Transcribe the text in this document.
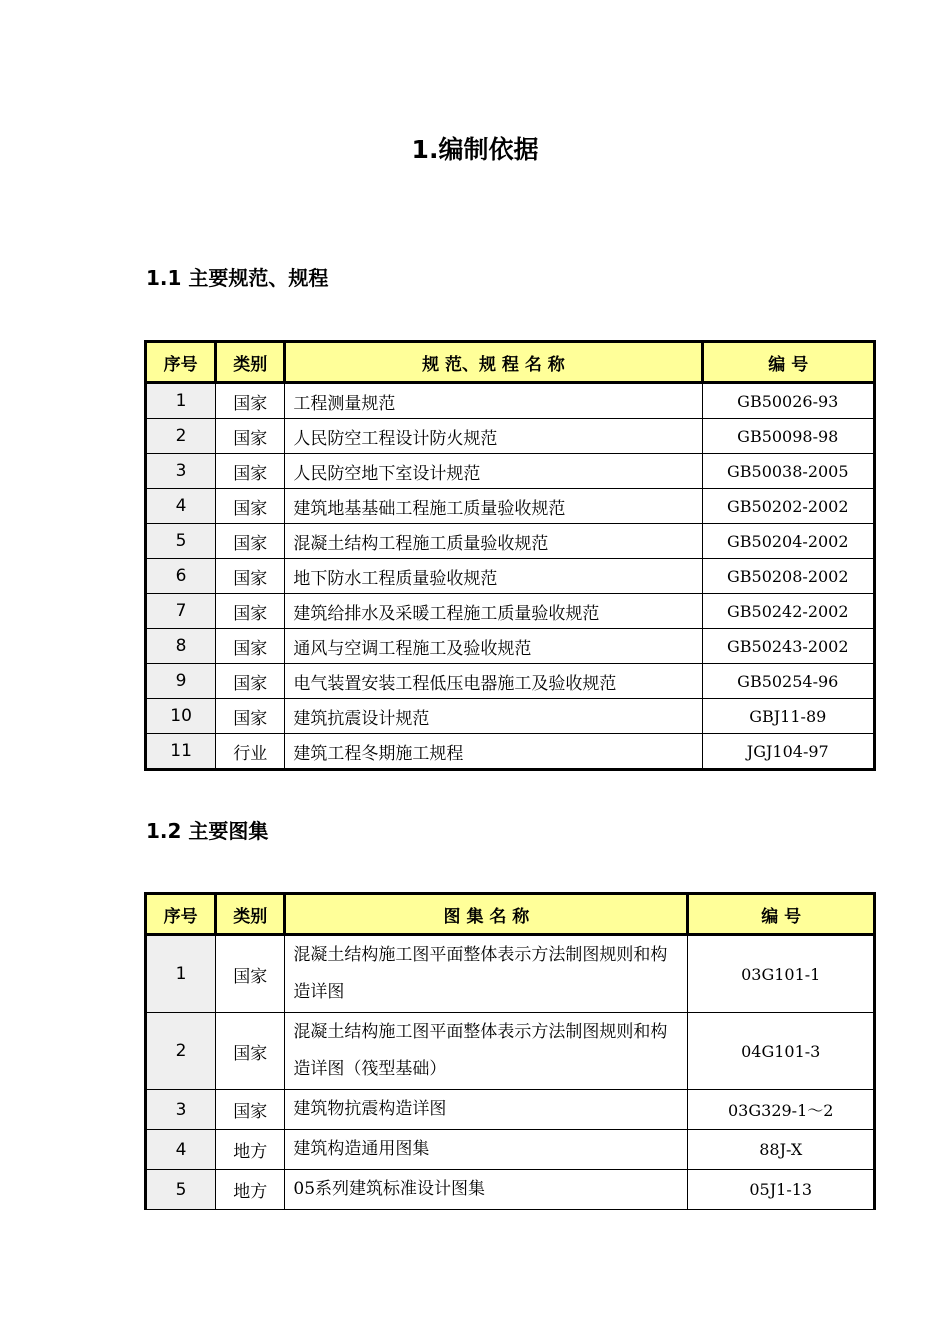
1.编制依据
1.1 主要规范、规程
序号	类别	规 范、规 程 名 称	编 号
1	国家	工程测量规范	GB50026-93
2	国家	人民防空工程设计防火规范	GB50098-98
3	国家	人民防空地下室设计规范	GB50038-2005
4	国家	建筑地基基础工程施工质量验收规范	GB50202-2002
5	国家	混凝土结构工程施工质量验收规范	GB50204-2002
6	国家	地下防水工程质量验收规范	GB50208-2002
7	国家	建筑给排水及采暖工程施工质量验收规范	GB50242-2002
8	国家	通风与空调工程施工及验收规范	GB50243-2002
9	国家	电气装置安装工程低压电器施工及验收规范	GB50254-96
10	国家	建筑抗震设计规范	GBJ11-89
11	行业	建筑工程冬期施工规程	JGJ104-97
1.2 主要图集
序号	类别	图 集 名 称	编 号
1	国家	混凝土结构施工图平面整体表示方法制图规则和构造详图	03G101-1
2	国家	混凝土结构施工图平面整体表示方法制图规则和构造详图（筏型基础）	04G101-3
3	国家	建筑物抗震构造详图	03G329-1～2
4	地方	建筑构造通用图集	88J-X
5	地方	05系列建筑标准设计图集	05J1-13
